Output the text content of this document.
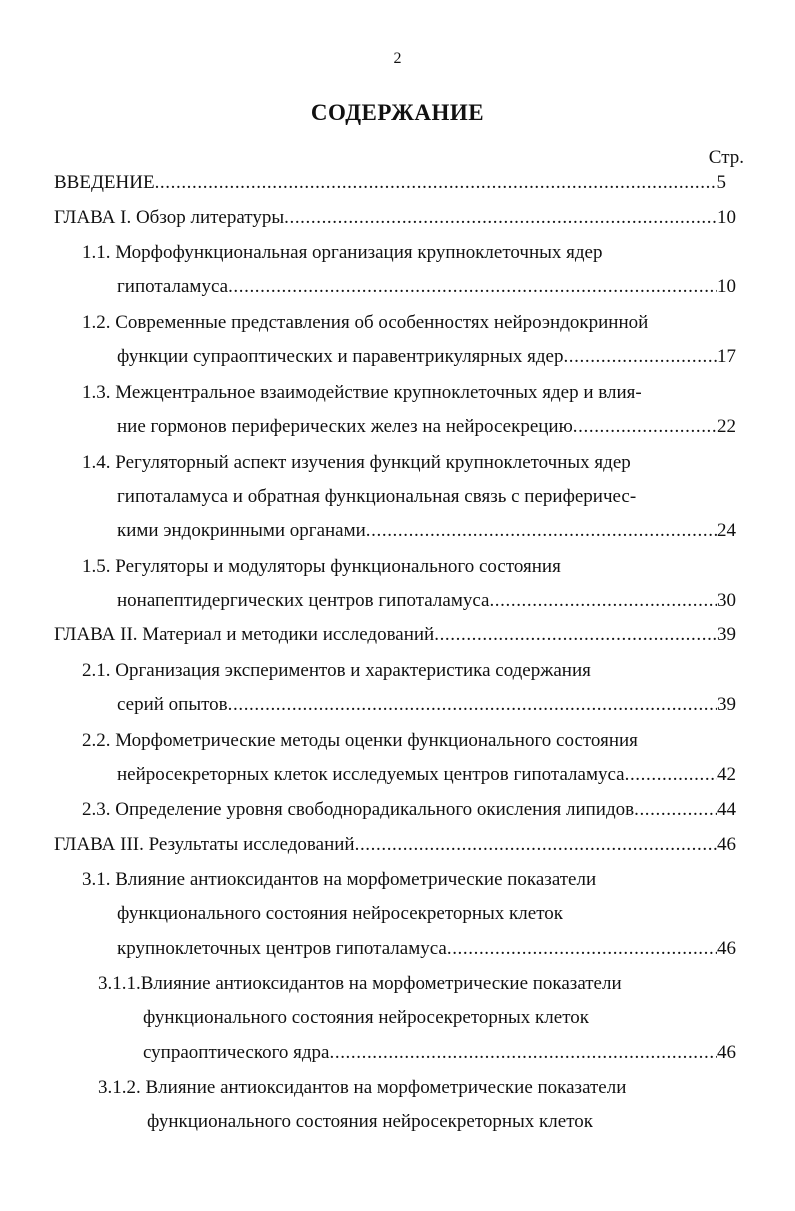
2
СОДЕРЖАНИЕ
Стр.
ВВЕДЕНИЕ .....	5
ГЛАВА I. Обзор литературы .....	10
1.1. Морфофункциональная организация крупноклеточных ядер
гипоталамуса .....	10
1.2. Современные представления об особенностях нейроэндокринной
функции супраоптических и паравентрикулярных ядер .....	17
1.3. Межцентральное взаимодействие крупноклеточных ядер и влия-
ние гормонов периферических желез на нейросекрецию .....	22
1.4. Регуляторный аспект изучения функций крупноклеточных ядер
гипоталамуса и обратная функциональная связь с периферичес-
кими эндокринными органами .....	24
1.5. Регуляторы и модуляторы функционального состояния
нонапептидергических центров гипоталамуса .....	30
ГЛАВА II. Материал и методики исследований .....	39
2.1. Организация экспериментов и характеристика содержания
серий опытов .....	39
2.2. Морфометрические методы оценки функционального состояния
нейросекреторных клеток исследуемых центров гипоталамуса .....	42
2.3. Определение уровня свободнорадикального окисления липидов .....	44
ГЛАВА III. Результаты исследований .....	46
3.1. Влияние антиоксидантов на морфометрические показатели
функционального состояния нейросекреторных клеток
крупноклеточных центров гипоталамуса .....	46
3.1.1.Влияние антиоксидантов на морфометрические показатели
функционального состояния нейросекреторных клеток
супраоптического ядра .....	46
3.1.2. Влияние антиоксидантов на морфометрические показатели
функционального состояния нейросекреторных клеток
